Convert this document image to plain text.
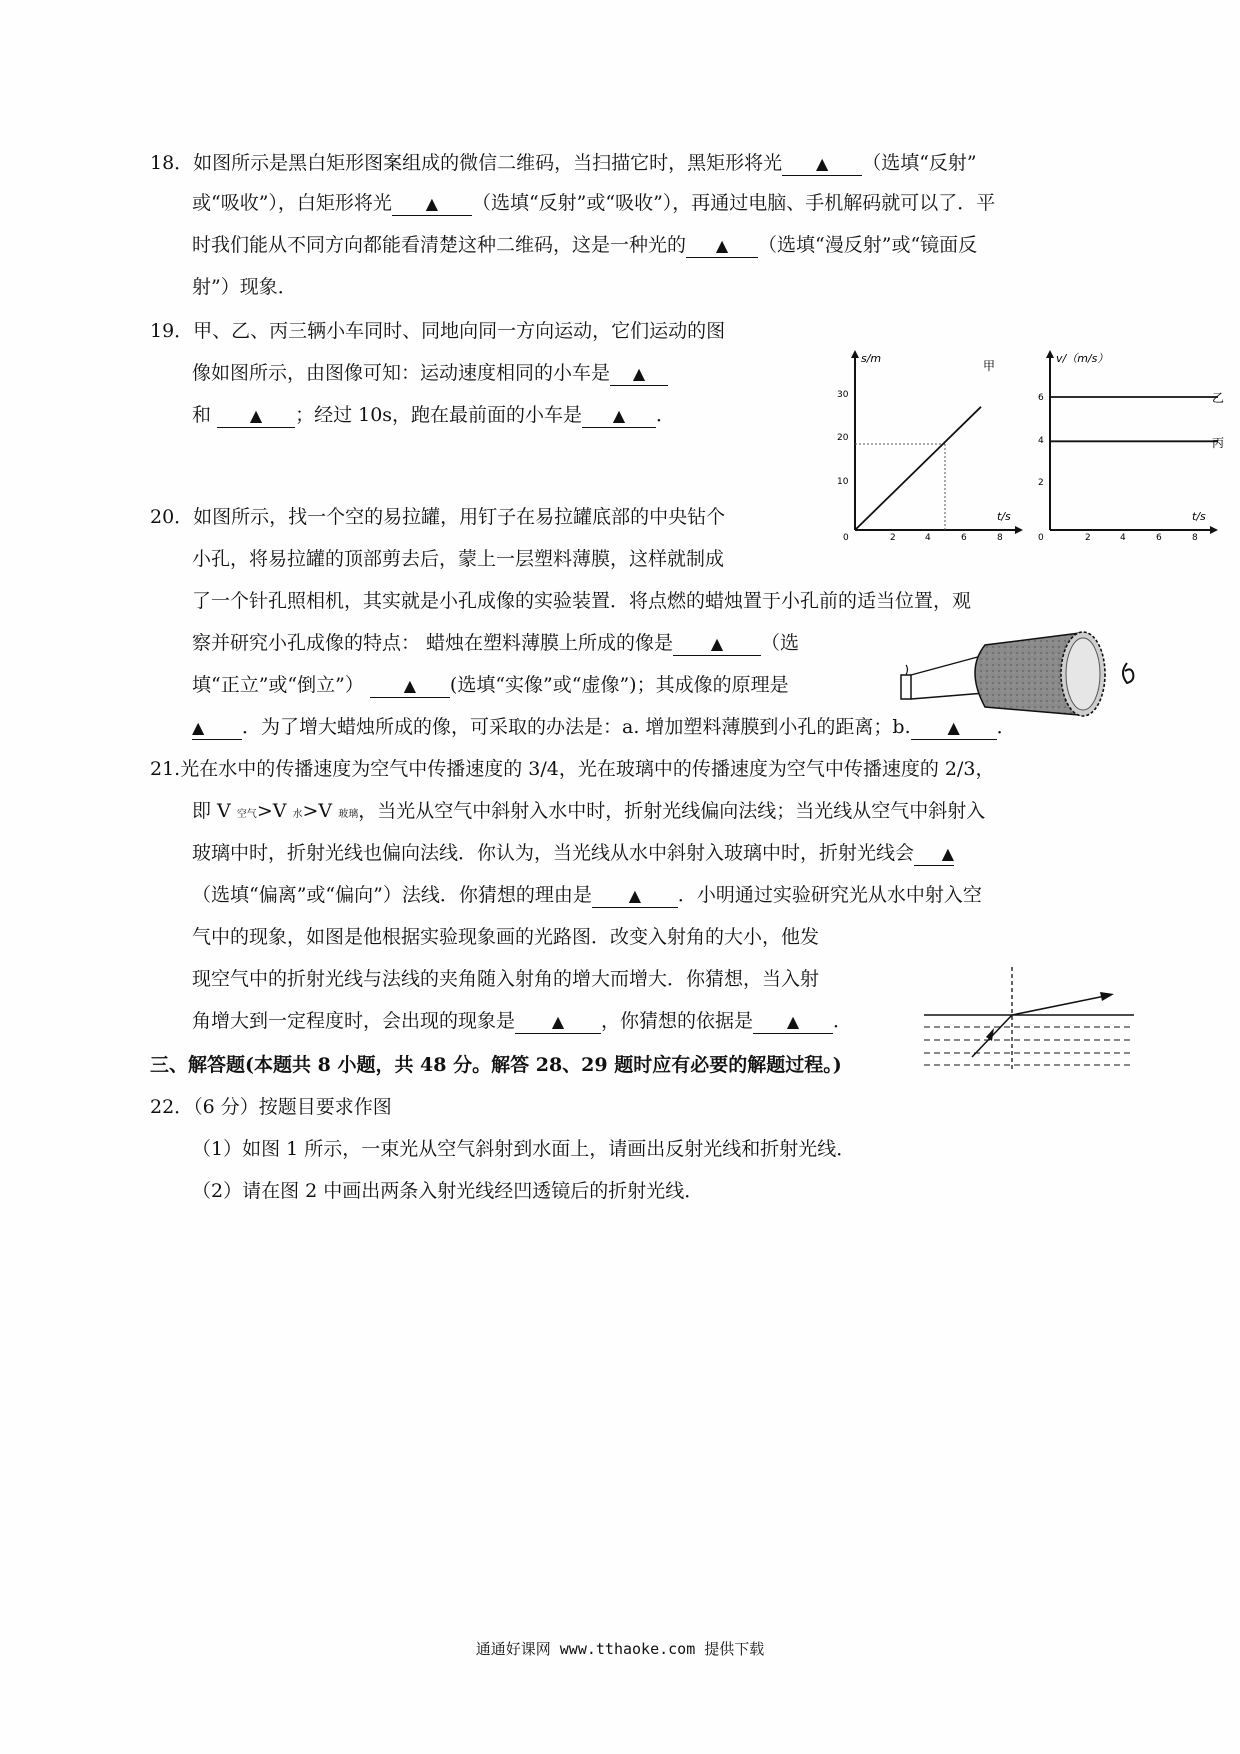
18．如图所示是黑白矩形图案组成的微信二维码，当扫描它时，黑矩形将光 ▲ （选填“反射”
或“吸收”），白矩形将光 ▲ （选填“反射”或“吸收”），再通过电脑、手机解码就可以了．平
时我们能从不同方向都能看清楚这种二维码，这是一种光的 ▲ （选填“漫反射”或“镜面反
射”）现象．
19．甲、乙、丙三辆小车同时、同地向同一方向运动，它们运动的图
像如图所示，由图像可知：运动速度相同的小车是 ▲
和 ▲ ；经过 10s，跑在最前面的小车是 ▲ ．
s/m
t/s
0	2	4	6	8
10
20
30
甲
v/（m/s）
t/s
0	2	4	6	8
2
4
6	乙
丙
20．如图所示，找一个空的易拉罐，用钉子在易拉罐底部的中央钻个
小孔，将易拉罐的顶部剪去后，蒙上一层塑料薄膜，这样就制成
了一个针孔照相机，其实就是小孔成像的实验装置．将点燃的蜡烛置于小孔前的适当位置，观
察并研究小孔成像的特点： 蜡烛在塑料薄膜上所成的像是 ▲ （选
填“正立”或“倒立”） ▲ (选填“实像”或“虚像”)；其成像的原理是
▲ ．为了增大蜡烛所成的像，可采取的办法是：a. 增加塑料薄膜到小孔的距离；b. ▲ ．
21.光在水中的传播速度为空气中传播速度的 3/4，光在玻璃中的传播速度为空气中传播速度的 2/3，
即 V 空气>V 水>V 玻璃，当光从空气中斜射入水中时，折射光线偏向法线；当光线从空气中斜射入
玻璃中时，折射光线也偏向法线．你认为，当光线从水中斜射入玻璃中时，折射光线会 ▲
（选填“偏离”或“偏向”）法线．你猜想的理由是 ▲ ．小明通过实验研究光从水中射入空
气中的现象，如图是他根据实验现象画的光路图．改变入射角的大小，他发
现空气中的折射光线与法线的夹角随入射角的增大而增大．你猜想，当入射
角增大到一定程度时，会出现的现象是 ▲ ，你猜想的依据是 ▲ ．
三、解答题(本题共 8 小题，共 48 分。解答 28、29 题时应有必要的解题过程。)
22．（6 分）按题目要求作图
（1）如图 1 所示，一束光从空气斜射到水面上，请画出反射光线和折射光线．
（2）请在图 2 中画出两条入射光线经凹透镜后的折射光线．
通通好课网 www.tthaoke.com 提供下载
